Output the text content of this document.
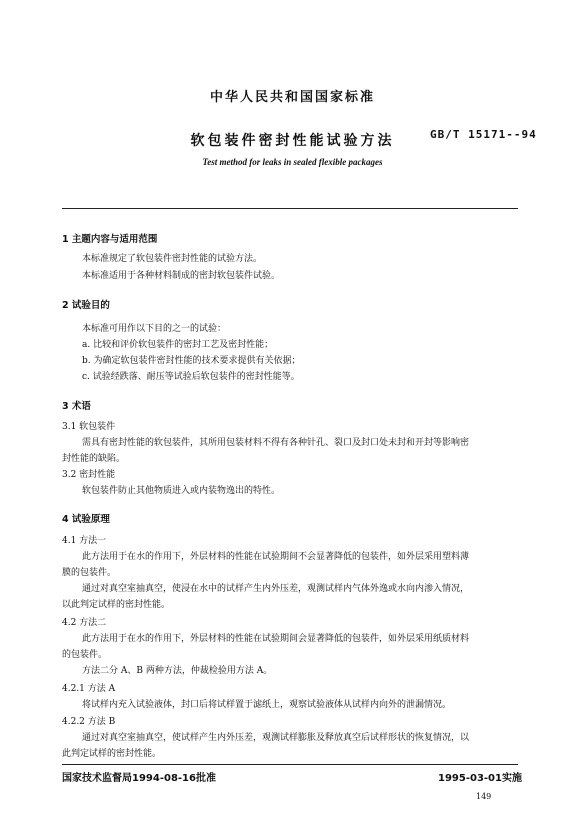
中华人民共和国国家标准
软包装件密封性能试验方法	GB/T 15171--94
Test method for leaks in sealed flexible packages
1 主题内容与适用范围
本标准规定了软包装件密封性能的试验方法。
本标准适用于各种材料制成的密封软包装件试验。
2 试验目的
本标准可用作以下目的之一的试验：
a. 比较和评价软包装件的密封工艺及密封性能；
b. 为确定软包装件密封性能的技术要求提供有关依据；
c. 试验经跌落、耐压等试验后软包装件的密封性能等。
3 术语
3.1 软包装件
需具有密封性能的软包装件，其所用包装材料不得有各种针孔、裂口及封口处未封和开封等影响密
封性能的缺陷。
3.2 密封性能
软包装件防止其他物质进入或内装物逸出的特性。
4 试验原理
4.1 方法一
此方法用于在水的作用下，外层材料的性能在试验期间不会显著降低的包装件，如外层采用塑料薄
膜的包装件。
通过对真空室抽真空，使浸在水中的试样产生内外压差，观测试样内气体外逸或水向内渗入情况，
以此判定试样的密封性能。
4.2 方法二
此方法用于在水的作用下，外层材料的性能在试验期间会显著降低的包装件，如外层采用纸质材料
的包装件。
方法二分 A、B 两种方法，仲裁检验用方法 A。
4.2.1 方法 A
将试样内充入试验液体，封口后将试样置于滤纸上，观察试验液体从试样内向外的泄漏情况。
4.2.2 方法 B
通过对真空室抽真空，使试样产生内外压差，观测试样膨胀及释放真空后试样形状的恢复情况，以
此判定试样的密封性能。
国家技术监督局1994-08-16批准	1995-03-01实施
149
